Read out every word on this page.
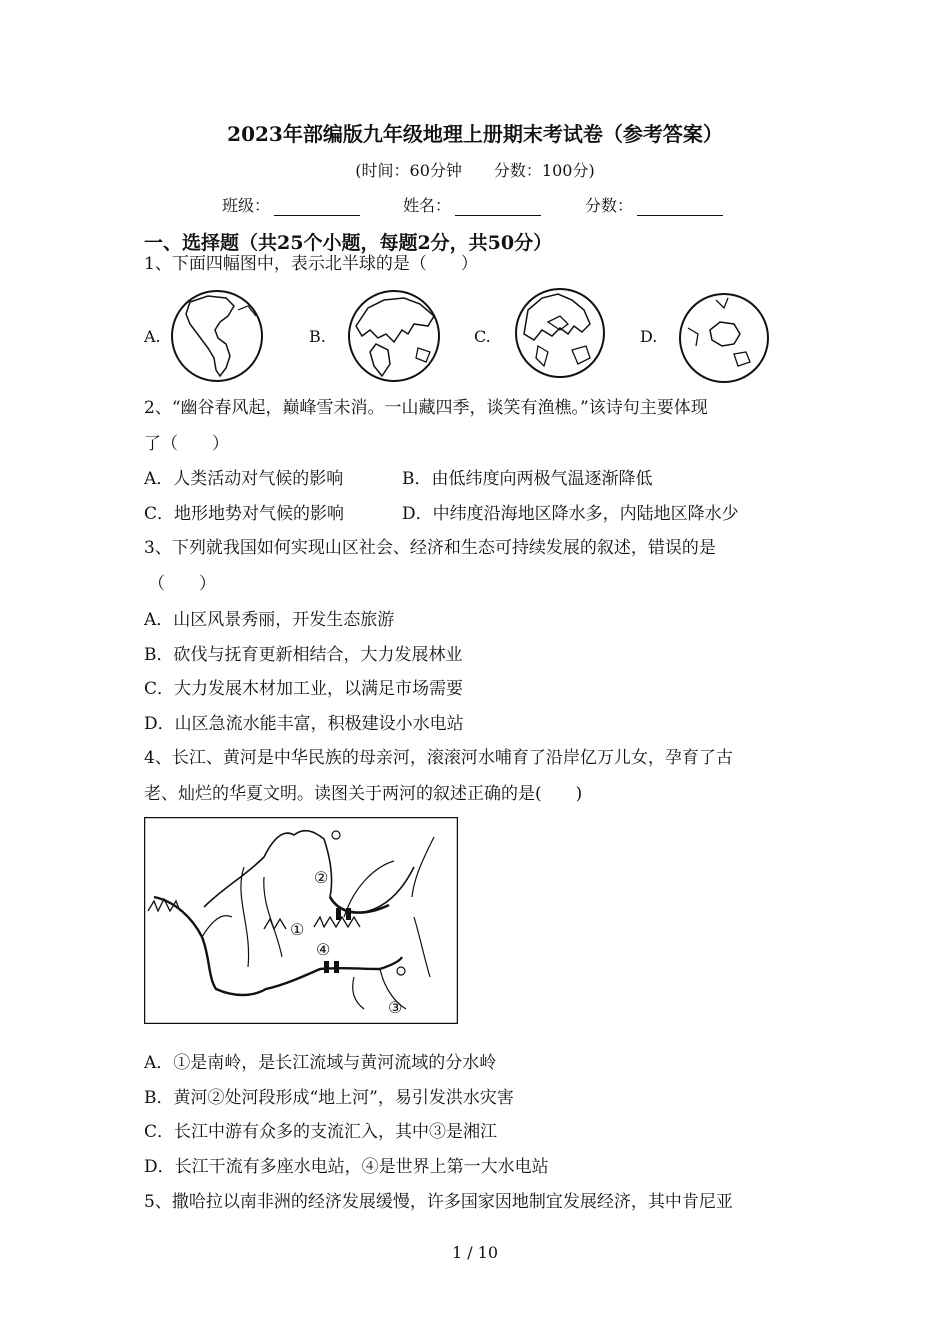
2023年部编版九年级地理上册期末考试卷（参考答案）
(时间：60分钟　　分数：100分)
班级：	姓名：	分数：
一、选择题（共25个小题，每题2分，共50分）
1、下面四幅图中，表示北半球的是（　　）
A.	B.	C.	D.
2、“幽谷春风起，巅峰雪未消。一山藏四季，谈笑有渔樵。”该诗句主要体现
了（　　）
A．人类活动对气候的影响	B．由低纬度向两极气温逐渐降低
C．地形地势对气候的影响	D．中纬度沿海地区降水多，内陆地区降水少
3、下列就我国如何实现山区社会、经济和生态可持续发展的叙述，错误的是
（　　）
A．山区风景秀丽，开发生态旅游
B．砍伐与抚育更新相结合，大力发展林业
C．大力发展木材加工业，以满足市场需要
D．山区急流水能丰富，积极建设小水电站
4、长江、黄河是中华民族的母亲河，滚滚河水哺育了沿岸亿万儿女，孕育了古
老、灿烂的华夏文明。读图关于两河的叙述正确的是(　　)
①
②
③
④
A．①是南岭，是长江流域与黄河流域的分水岭
B．黄河②处河段形成“地上河”，易引发洪水灾害
C．长江中游有众多的支流汇入，其中③是湘江
D．长江干流有多座水电站，④是世界上第一大水电站
5、撒哈拉以南非洲的经济发展缓慢，许多国家因地制宜发展经济，其中肯尼亚
1 / 10
